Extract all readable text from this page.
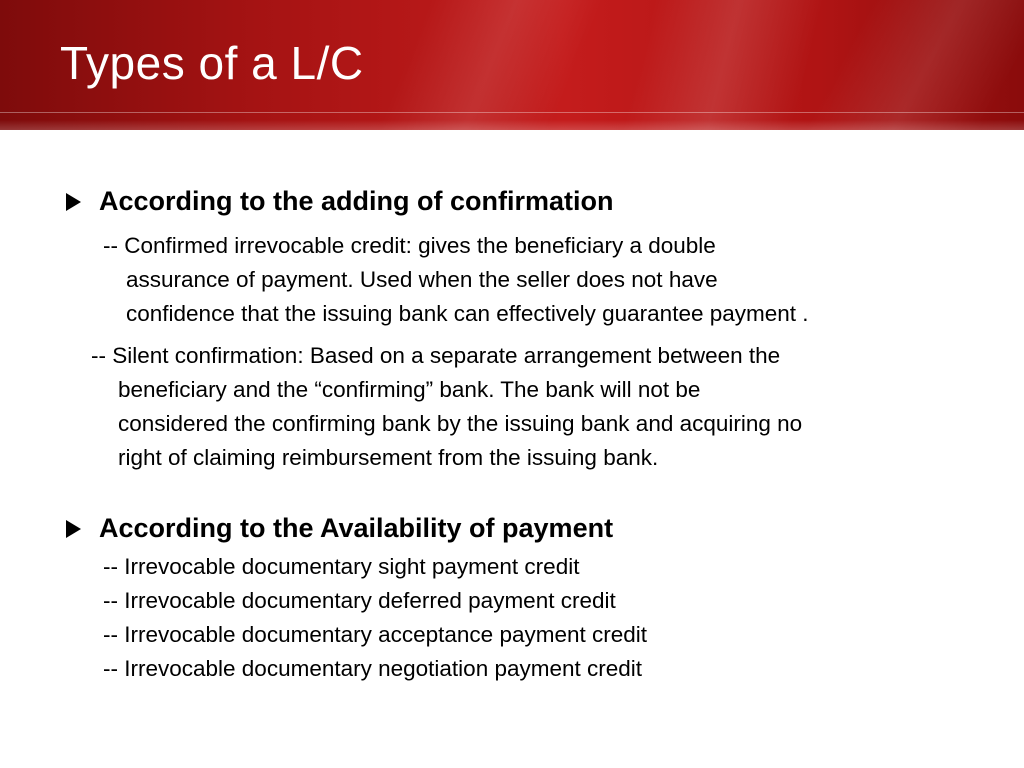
Types of a L/C
According to the adding of confirmation
-- Confirmed irrevocable credit: gives the beneficiary a double
assurance of payment. Used when the seller does not have
confidence that the issuing bank can effectively guarantee payment .
-- Silent confirmation: Based on a separate arrangement between the
beneficiary and the “confirming” bank. The bank will not be
considered the confirming bank by the issuing bank and acquiring no
right of claiming reimbursement from the issuing bank.
According to the Availability of payment
-- Irrevocable documentary sight payment credit
-- Irrevocable documentary deferred payment credit
-- Irrevocable documentary acceptance payment credit
-- Irrevocable documentary negotiation payment credit
